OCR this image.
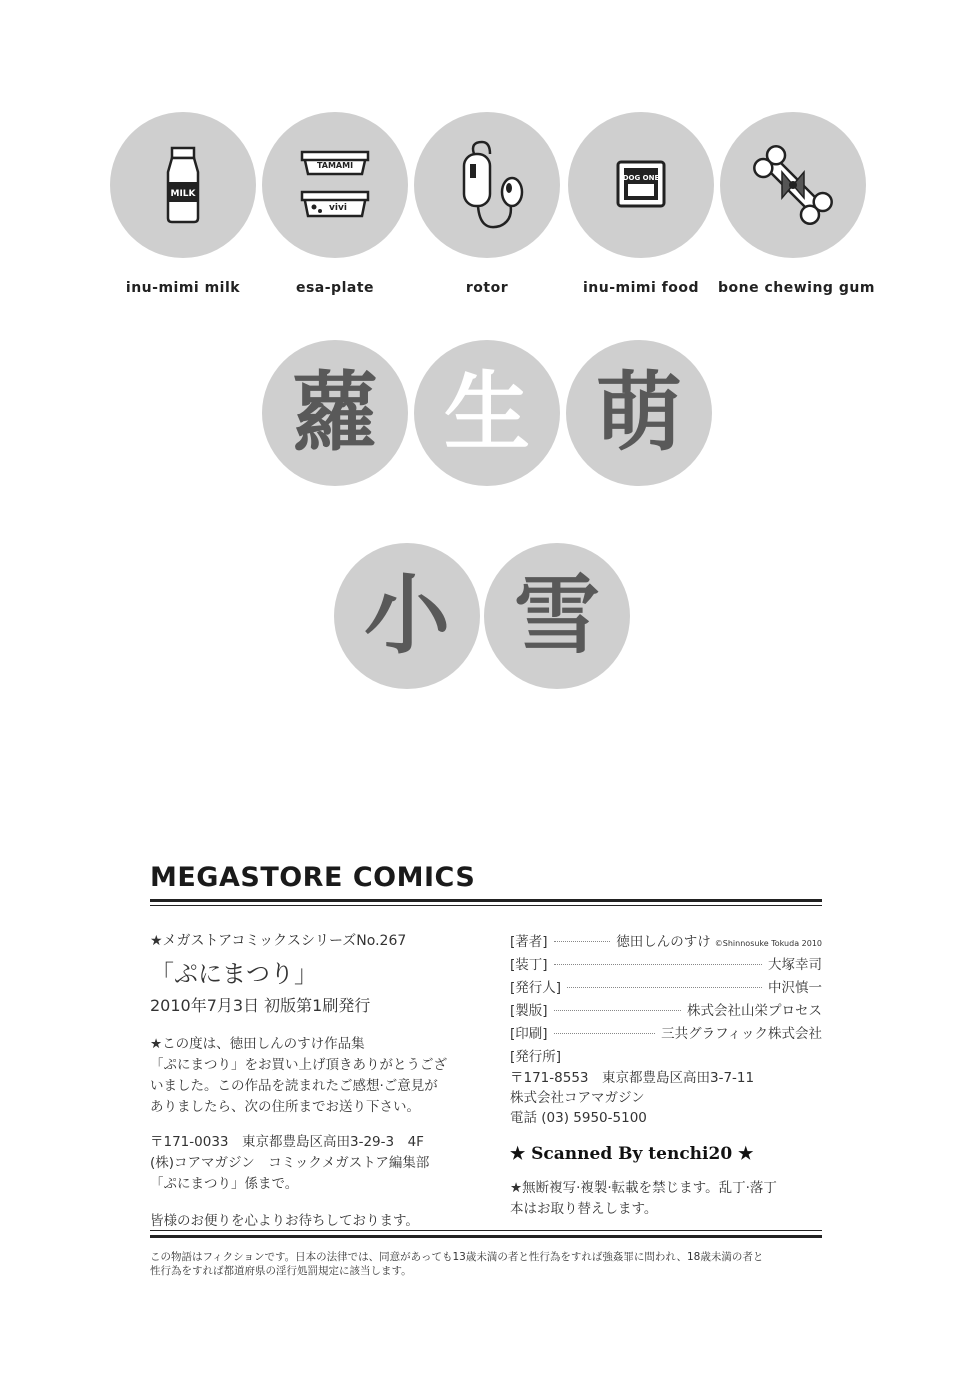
MILK
inu-mimi milk
TAMAMI
vivi
esa-plate	rotor
DOG ONE
inu-mimi food	bone chewing gum
蘿 生 萌
小 雪
MEGASTORE COMICS
★メガストアコミックスシリーズNo.267
「ぷにまつり」
2010年7月3日 初版第1刷発行
★この度は、徳田しんのすけ作品集
「ぷにまつり」をお買い上げ頂きありがとうござ
いました。この作品を読まれたご感想·ご意見が
ありましたら、次の住所までお送り下さい。
〒171-0033　東京都豊島区高田3-29-3　4F
(株)コアマガジン　コミックメガストア編集部
「ぷにまつり」係まで。
皆様のお便りを心よりお待ちしております。
[著者]	徳田しんのすけ ©Shinnosuke Tokuda 2010
[装丁]	大塚幸司
[発行人]	中沢慎一
[製版]	株式会社山栄プロセス
[印刷]	三共グラフィック株式会社
[発行所]
〒171-8553　東京都豊島区高田3-7-11
株式会社コアマガジン
電話 (03) 5950-5100
★ Scanned By tenchi20 ★
★無断複写·複製·転載を禁じます。乱丁·落丁
本はお取り替えします。
この物語はフィクションです。日本の法律では、同意があっても13歳未満の者と性行為をすれば強姦罪に問われ、18歳未満の者と
性行為をすれば都道府県の淫行処罰規定に該当します。
